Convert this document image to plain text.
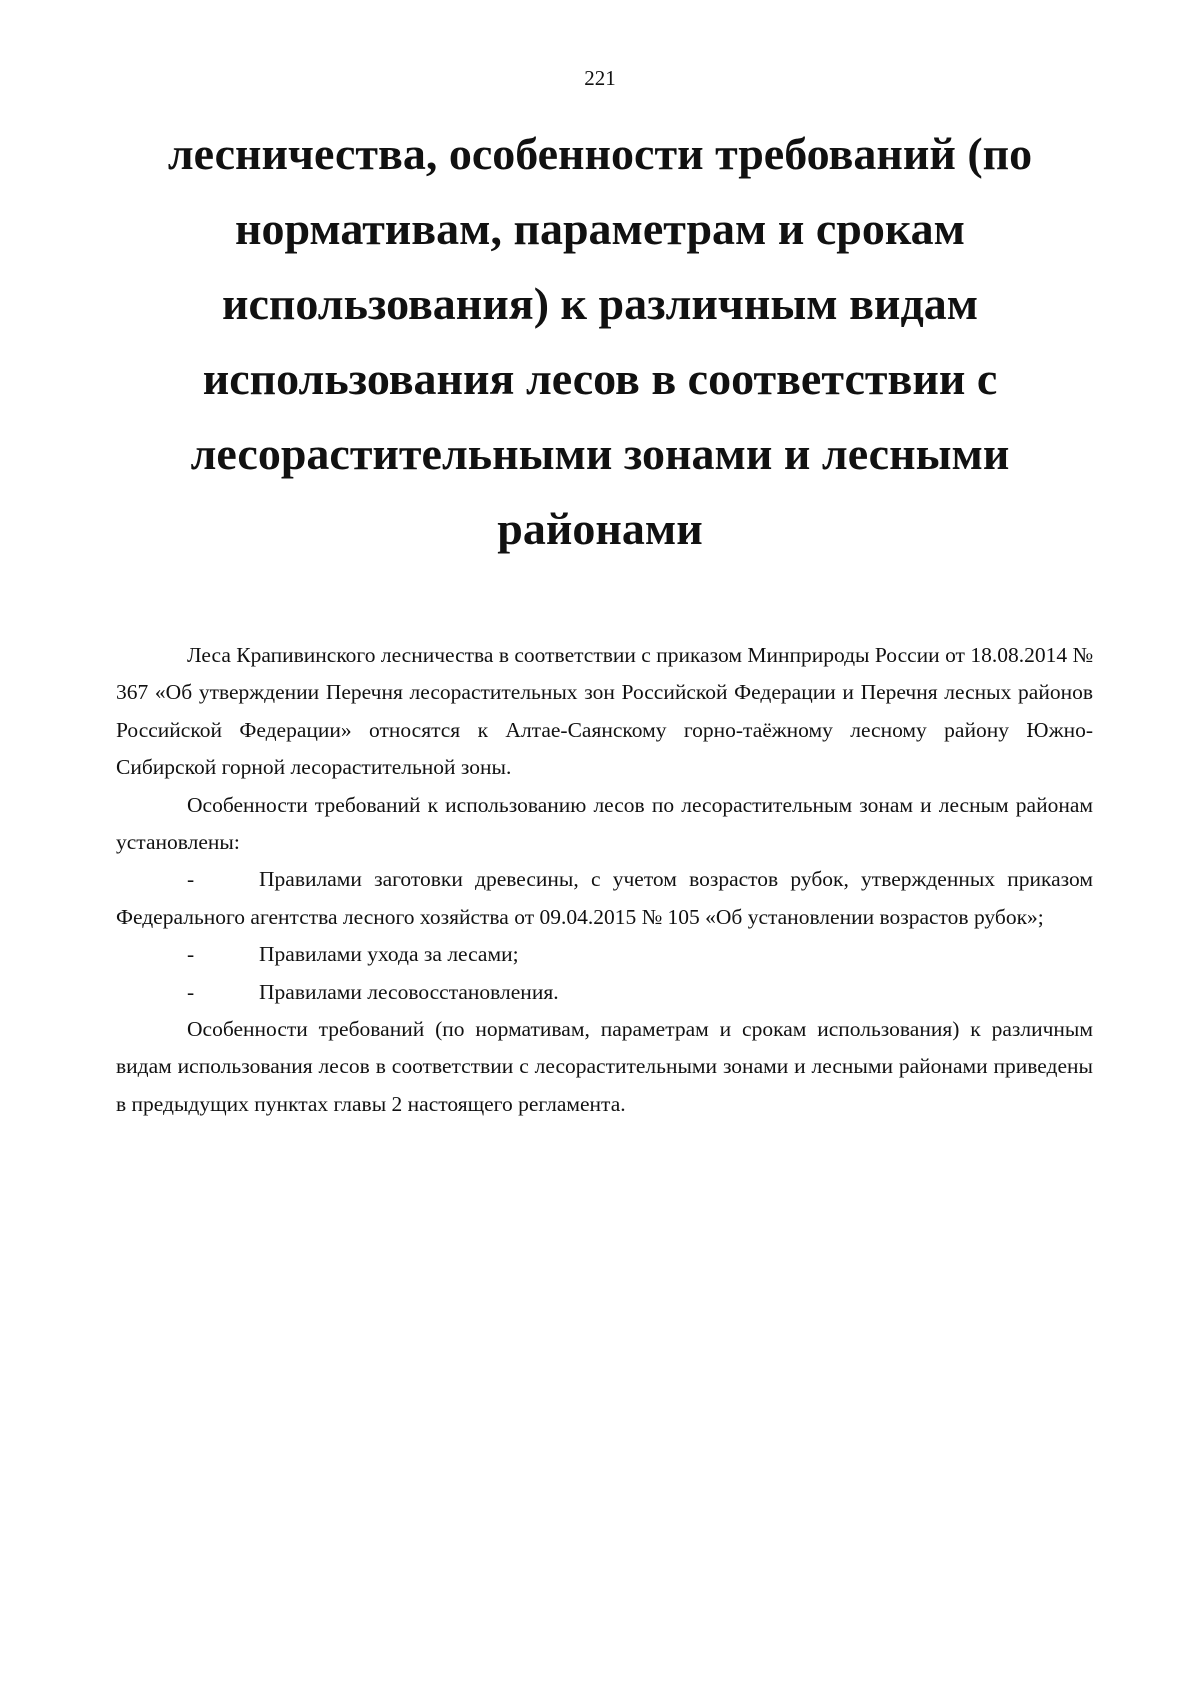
221
лесничества, особенности требований (по
нормативам, параметрам и срокам
использования) к различным видам
использования лесов в соответствии с
лесорастительными зонами и лесными
районами

Леса Крапивинского лесничества в соответствии с приказом Минприроды России от 18.08.2014 № 367 «Об утверждении Перечня лесорастительных зон Российской Федерации и Перечня лесных районов Российской Федерации» относятся к Алтае-Саянскому горно-таёжному лесному району Южно-Сибирской горной лесорастительной зоны.

Особенности требований к использованию лесов по лесорастительным зонам и лесным районам установлены:

-	Правилами заготовки древесины, с учетом возрастов рубок, утвержденных приказом Федерального агентства лесного хозяйства от 09.04.2015 № 105 «Об установлении возрастов рубок»;

-	Правилами ухода за лесами;

-	Правилами лесовосстановления.

Особенности требований (по нормативам, параметрам и срокам использования) к различным видам использования лесов в соответствии с лесорастительными зонами и лесными районами приведены в предыдущих пунктах главы 2 настоящего регламента.
